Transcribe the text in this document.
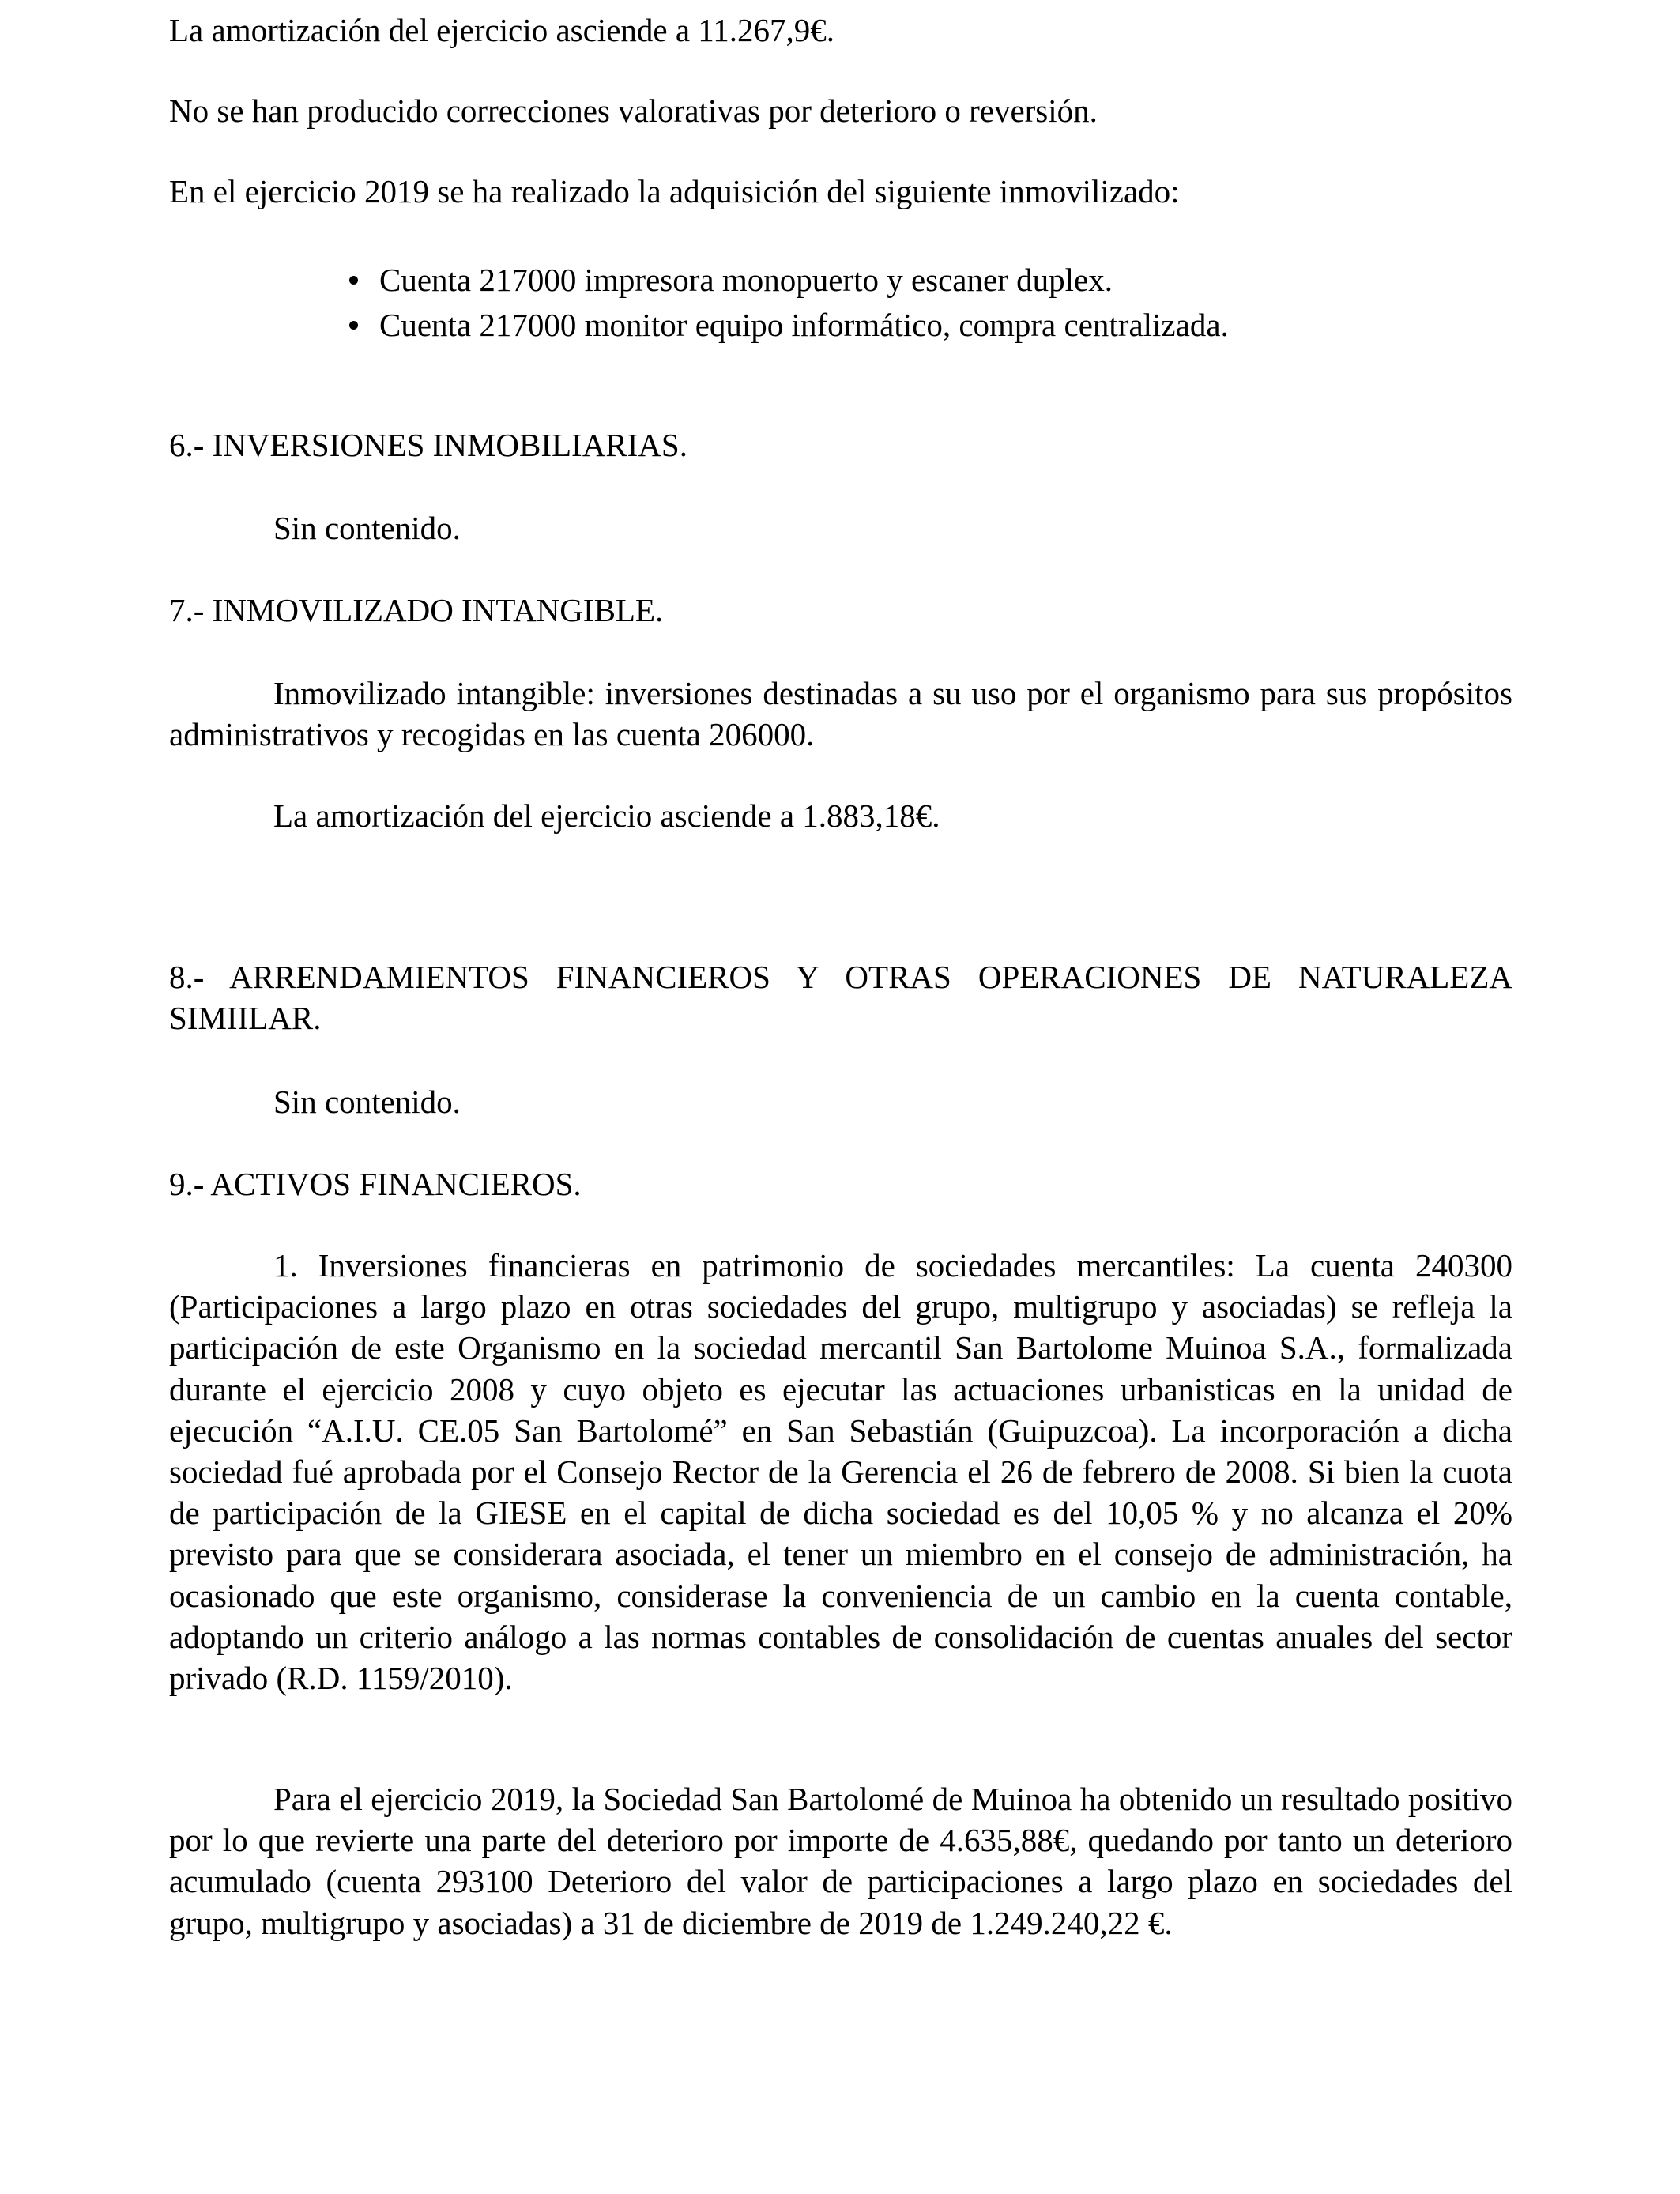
La amortización del ejercicio asciende a 11.267,9€.

No se han producido correcciones valorativas por deterioro o reversión.

En el ejercicio 2019 se ha realizado la adquisición del siguiente inmovilizado:

Cuenta 217000 impresora monopuerto y escaner duplex.

Cuenta 217000 monitor equipo informático, compra centralizada.

6.- INVERSIONES INMOBILIARIAS.

Sin contenido.

7.- INMOVILIZADO INTANGIBLE.

Inmovilizado intangible: inversiones destinadas a su uso por el organismo para sus propósitos administrativos y recogidas en las cuenta 206000.

La amortización del ejercicio asciende a 1.883,18€.

8.- ARRENDAMIENTOS FINANCIEROS Y OTRAS OPERACIONES DE NATURALEZA SIMIILAR.

Sin contenido.

9.- ACTIVOS FINANCIEROS.

1. Inversiones financieras en patrimonio de sociedades mercantiles: La cuenta 240300 (Participaciones a largo plazo en otras sociedades del grupo, multigrupo y asociadas) se refleja la participación de este Organismo en la sociedad mercantil San Bartolome Muinoa S.A., formalizada durante el ejercicio 2008 y cuyo objeto es ejecutar las actuaciones urbanisticas en la unidad de ejecución “A.I.U. CE.05 San Bartolomé” en San Sebastián (Guipuzcoa). La incorporación a dicha sociedad fué aprobada por el Consejo Rector de la Gerencia el 26 de febrero de 2008. Si bien la cuota de participación de la GIESE en el capital de dicha sociedad es del 10,05 % y no alcanza el 20% previsto para que se considerara asociada, el tener un miembro en el consejo de administración, ha ocasionado que este organismo, considerase la conveniencia de un cambio en la cuenta contable, adoptando un criterio análogo a las normas contables de consolidación de cuentas anuales del sector privado (R.D. 1159/2010).

Para el ejercicio 2019, la Sociedad San Bartolomé de Muinoa ha obtenido un resultado positivo por lo que revierte una parte del deterioro por importe de 4.635,88€, quedando por tanto un deterioro acumulado (cuenta 293100 Deterioro del valor de participaciones a largo plazo en sociedades del grupo, multigrupo y asociadas) a 31 de diciembre de 2019 de 1.249.240,22 €.
